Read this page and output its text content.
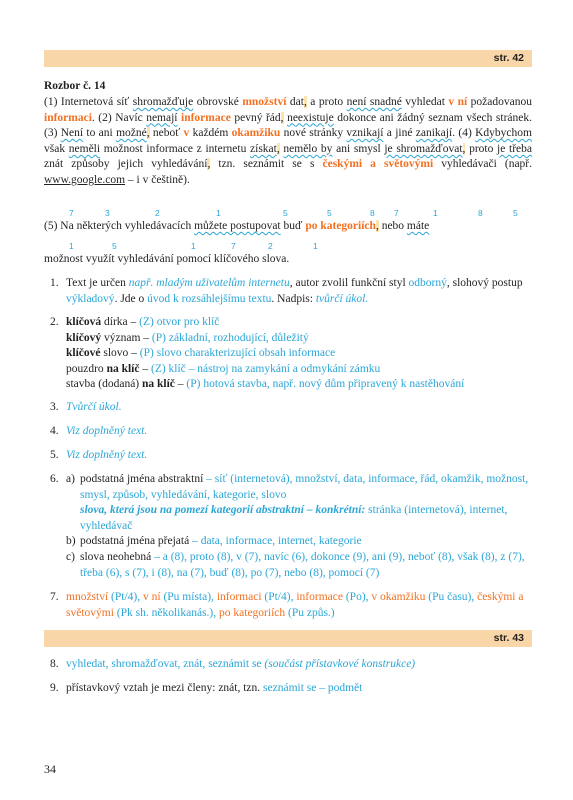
str. 42
Rozbor č. 14
(1) Internetová síť shromažďuje obrovské množství dat, a proto není snadné vyhledat v ní požadovanou informaci. (2) Navíc nemají informace pevný řád, neexistuje dokonce ani žádný seznam všech stránek. (3) Není to ani možné, neboť v každém okamžiku nové stránky vznikají a jiné zanikají. (4) Kdybychom však neměli možnost informace z internetu získat, nemělo by ani smysl je shromažďovat, proto je třeba znát způsoby jejich vyhledávání, tzn. seznámit se s českými a světovými vyhledávači (např. www.google.com – i v češtině).
7	3	2	1	5	5	8 7	1	8	5
(5) Na některých vyhledávacích můžete postupovat buď po kategoriích, nebo máte
1	5	1	7	2	1
možnost využít vyhledávání pomocí klíčového slova.
1. Text je určen např. mladým uživatelům internetu, autor zvolil funkční styl odborný, slohový postup výkladový. Jde o úvod k rozsáhlejšímu textu. Nadpis: tvůrčí úkol.
2. klíčová dírka – (Z) otvor pro klíč
klíčový význam – (P) základní, rozhodující, důležitý
klíčové slovo – (P) slovo charakterizující obsah informace
pouzdro na klíč – (Z) klíč – nástroj na zamykání a odmykání zámku
stavba (dodaná) na klíč – (P) hotová stavba, např. nový dům připravený k nastěhování
3. Tvůrčí úkol.
4. Viz doplněný text.
5. Viz doplněný text.
6. a) podstatná jména abstraktní – síť (internetová), množství, data, informace, řád, okamžik, možnost, smysl, způsob, vyhledávání, kategorie, slovo
slova, která jsou na pomezí kategorií abstraktní – konkrétní: stránka (internetová), internet, vyhledávač
b) podstatná jména přejatá – data, informace, internet, kategorie
c) slova neohebná – a (8), proto (8), v (7), navíc (6), dokonce (9), ani (9), neboť (8), však (8), z (7), třeba (6), s (7), i (8), na (7), buď (8), po (7), nebo (8), pomocí (7)
7. množství (Pt/4), v ní (Pu místa), informaci (Pt/4), informace (Po), v okamžiku (Pu času), českými a světovými (Pk sh. několikanás.), po kategoriích (Pu způs.)
str. 43
8. vyhledat, shromažďovat, znát, seznámit se (součást přístavkové konstrukce)
9. přístavkový vztah je mezi členy: znát, tzn. seznámit se – podmět
34
